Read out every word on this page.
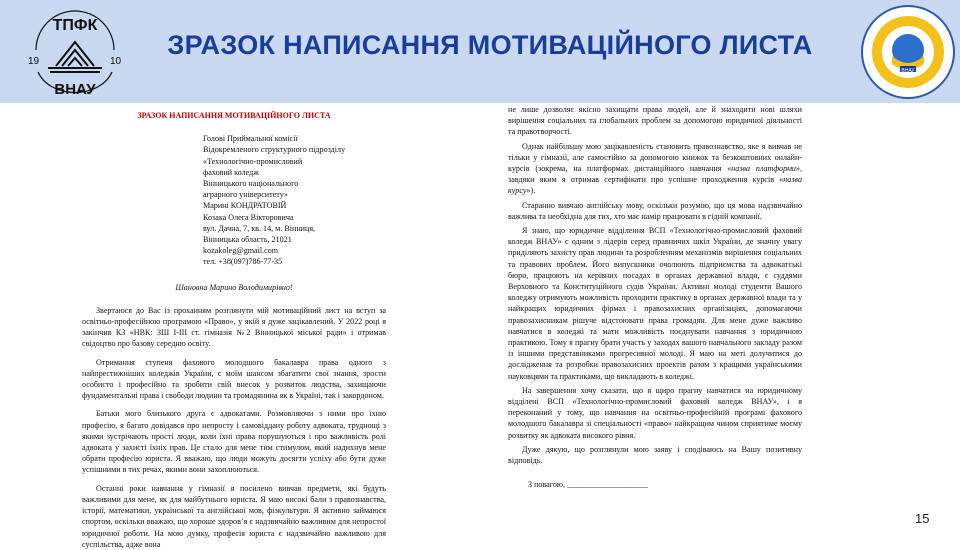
ТПФК
19	10
ВНАУ
ЗРАЗОК НАПИСАННЯ МОТИВАЦІЙНОГО ЛИСТА
ВНАУ
ЗРАЗОК НАПИСАННЯ МОТИВАЦІЙНОГО ЛИСТА
Голові Приймальної комісії
Відокремленого структурного підрозділу
«Технологічно-промисловий
фаховий коледж
Вінницького національного
аграрного університету»
Марині КОНДРАТОВІЙ
Козака Олега Вікторовича
вул. Дачна, 7, кв. 14, м. Вінниця,
Вінницька область, 21021
kozakoleg@gmail.com
тел. +38(097)786-77-35
Шановна Марино Володимирівно!

Звертаюся до Вас із проханням розглянути мій мотиваційний лист на вступ за освітньо-професійною програмою «Право», у якій я дуже зацікавлений. У 2022 році я закінчив КЗ «НВК: ЗШ І-ІІІ ст. гімназія №2 Вінницької міської ради» і отримав свідоцтво про базову середню освіту.

Отримання ступеня фахового молодшого бакалавра права одного з найпрестижніших коледжів України, є моїм шансом збагатити свої знання, зрости особисто і професійно та зробити свій внесок у розвиток людства, захищаючи фундаментальні права і свободи людини та громадянина як в Україні, так і закордоном.

Батьки мого близького друга є адвокатами. Розмовляючи з ними про їхню професію, я багато довідався про непросту і самовіддану роботу адвоката, труднощі з якими зустрічають прості люди, коли їхні права порушуються і про важливість ролі адвоката у захисті їхніх прав. Це стало для мене тим стимулом, який надихнув мене обрати професію юриста. Я вважаю, що люди можуть досягти успіху або бути дуже успішними в тих речах, якими вони захоплюються.

Останні роки навчання у гімназії я посилено вивчав предмети, які будуть важливими для мене, як для майбутнього юриста. Я маю високі бали з правознавства, історії, математики, української та англійської мов, фізкультури. Я активно займаюся спортом, оскільки вважаю, що хороше здоров’я є надзвичайно важливим для непростої юридичної роботи. На мою думку, професія юриста є надзвичайно важливою для суспільства, адже вона

не лише дозволяє якісно захищати права людей, але й знаходити нові шляхи вирішення соціальних та глобальних проблем за допомогою юридичної діяльності та правотворчості.

Однак найбільшу мою зацікавленість становить правознавство, яке я вивчав не тільки у гімназії, але самостійно за допомогою книжок та безкоштовних онлайн-курсів (зокрема, на платформах дистанційного навчання «назва платформи», завдяки яким я отримав сертифікати про успішне проходження курсів «назва курсу»).

Старанно вивчаю англійську мову, оскільки розумію, що ця мова надзвичайно важлива та необхідна для тих, хто має намір працювати в гідній компанії.

Я знаю, що юридичне відділення ВСП «Технологічно-промисловий фаховий коледж ВНАУ» є одним з лідерів серед правничих шкіл України, де значну увагу приділяють захисту прав людини та розробленням механізмів вирішення соціальних та правових проблем. Його випускники очолюють підприємства та адвокатські бюро, працюють на керівних посадах в органах державної влади, є суддями Верховного та Конституційного судів України. Активні молоді студенти Вашого коледжу отримують можливість проходити практику в органах державної влади та у найкращих юридичних фірмах і правозахисних організаціях, допомагаючи правозахисникам рішуче відстоювати права громадян. Для мене дуже важливо навчатися в коледжі та мати можливість поєднувати навчання з юридичною практикою. Тому я прагну брати участь у заходах вашого навчального закладу разом із іншими представниками прогресивної молоді. Я маю на меті долучитися до дослідження та розробки правозахисних проектів разом з кращими українськими науковцями та практиками, що викладають в коледжі.

На завершення хочу сказати, що я щиро прагну навчатися на юридичному відділені ВСП «Технологічно-промисловий фаховий коледж ВНАУ», і я переконаний у тому, що навчання на освітньо-професійній програмі фахового молодшого бакалавра зі спеціальності «право» найкращим чином сприятиме моєму розвитку як адвоката високого рівня.

Дуже дякую, що розглянули мою заяву і сподіваюсь на Вашу позитивну відповідь.

З повагою, ____________________
15
